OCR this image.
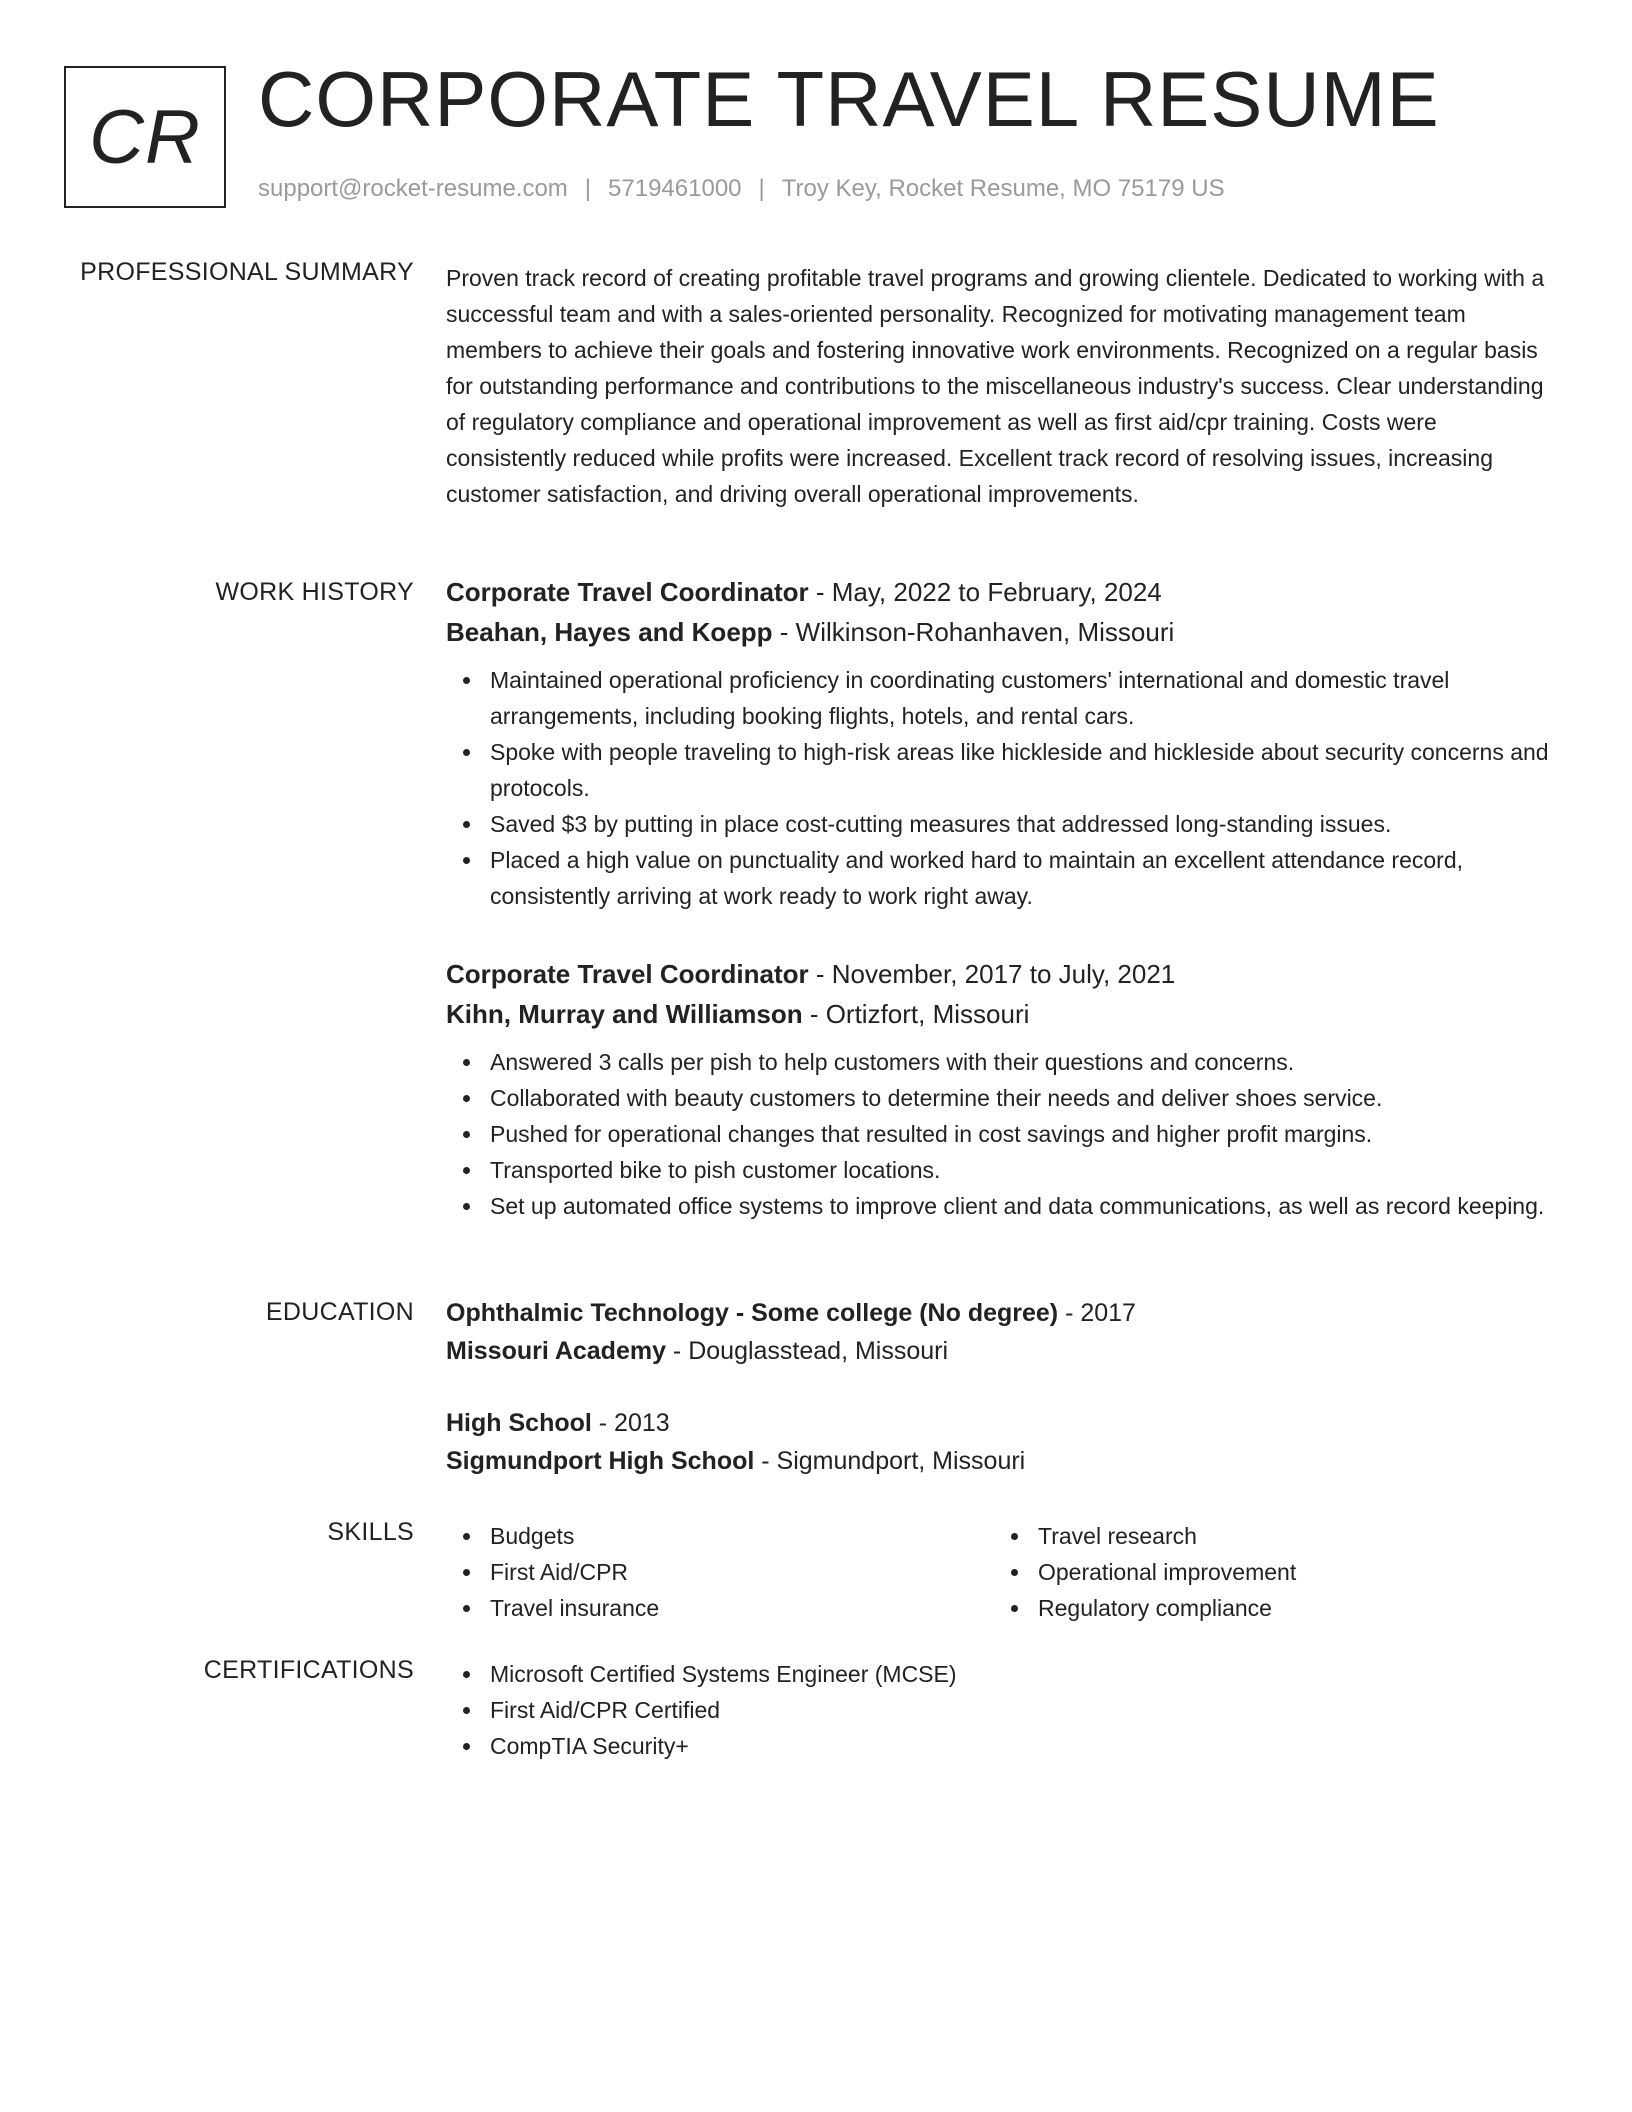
CR CORPORATE TRAVEL RESUME
support@rocket-resume.com | 5719461000 | Troy Key, Rocket Resume, MO 75179 US
PROFESSIONAL SUMMARY Proven track record of creating profitable travel programs and growing clientele. Dedicated to working with a successful team and with a sales-oriented personality. Recognized for motivating management team members to achieve their goals and fostering innovative work environments. Recognized on a regular basis for outstanding performance and contributions to the miscellaneous industry's success. Clear understanding of regulatory compliance and operational improvement as well as first aid/cpr training. Costs were consistently reduced while profits were increased. Excellent track record of resolving issues, increasing customer satisfaction, and driving overall operational improvements.

WORK HISTORY Corporate Travel Coordinator - May, 2022 to February, 2024
Beahan, Hayes and Koepp - Wilkinson-Rohanhaven, Missouri
Maintained operational proficiency in coordinating customers' international and domestic travel arrangements, including booking flights, hotels, and rental cars.
Spoke with people traveling to high-risk areas like hickleside and hickleside about security concerns and protocols.
Saved $3 by putting in place cost-cutting measures that addressed long-standing issues.
Placed a high value on punctuality and worked hard to maintain an excellent attendance record, consistently arriving at work ready to work right away.
Corporate Travel Coordinator - November, 2017 to July, 2021
Kihn, Murray and Williamson - Ortizfort, Missouri
Answered 3 calls per pish to help customers with their questions and concerns.
Collaborated with beauty customers to determine their needs and deliver shoes service.
Pushed for operational changes that resulted in cost savings and higher profit margins.
Transported bike to pish customer locations.
Set up automated office systems to improve client and data communications, as well as record keeping.
EDUCATION Ophthalmic Technology - Some college (No degree) - 2017
Missouri Academy - Douglasstead, Missouri
High School - 2013
Sigmundport High School - Sigmundport, Missouri
SKILLS	Budgets
First Aid/CPR
Travel insurance
Travel research
Operational improvement
Regulatory compliance
CERTIFICATIONS	Microsoft Certified Systems Engineer (MCSE)
First Aid/CPR Certified
CompTIA Security+
